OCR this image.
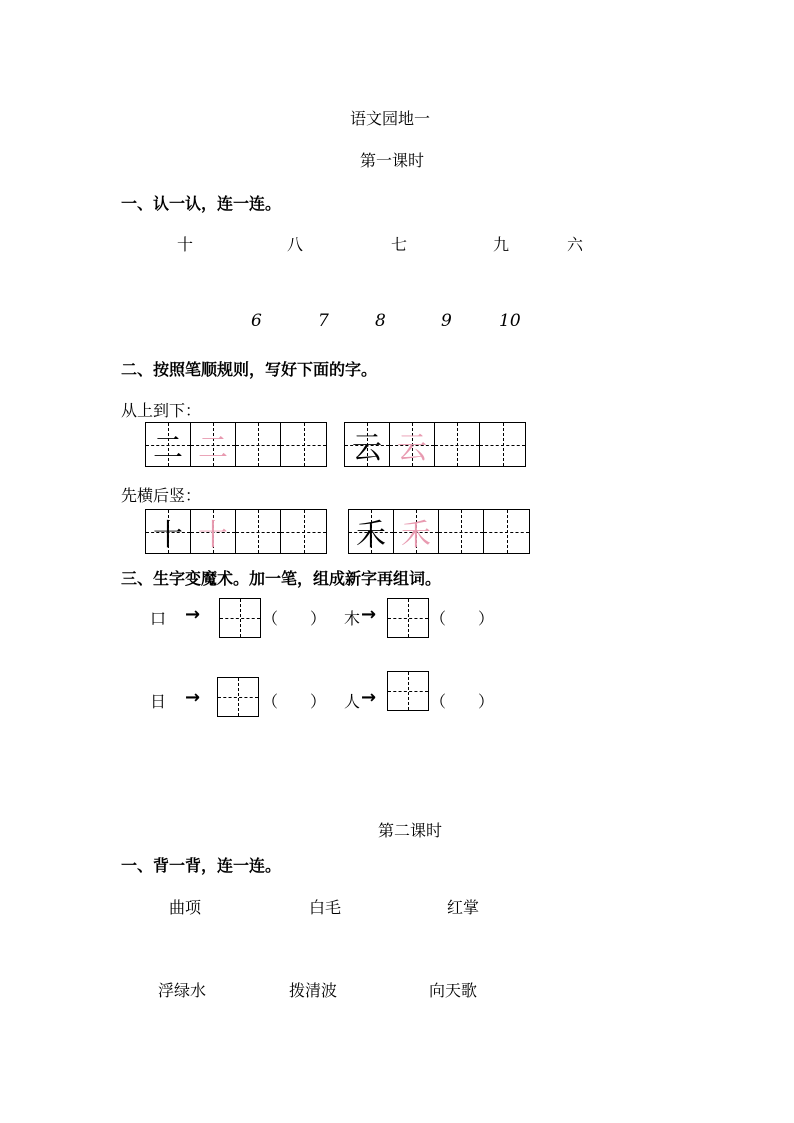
语文园地一
第一课时
一、认一认，连一连。
十	八	七	九	六
6	7	8	9	10
二、按照笔顺规则，写好下面的字。
从上到下：
二 二	云 云
先横后竖：
十 十	禾 禾
三、生字变魔术。加一笔，组成新字再组词。
口 →	（　　） 木 →	（　　）
日 →	（　　） 人 →	（　　）
第二课时
一、背一背，连一连。
曲项	白毛	红掌
浮绿水	拨清波	向天歌
